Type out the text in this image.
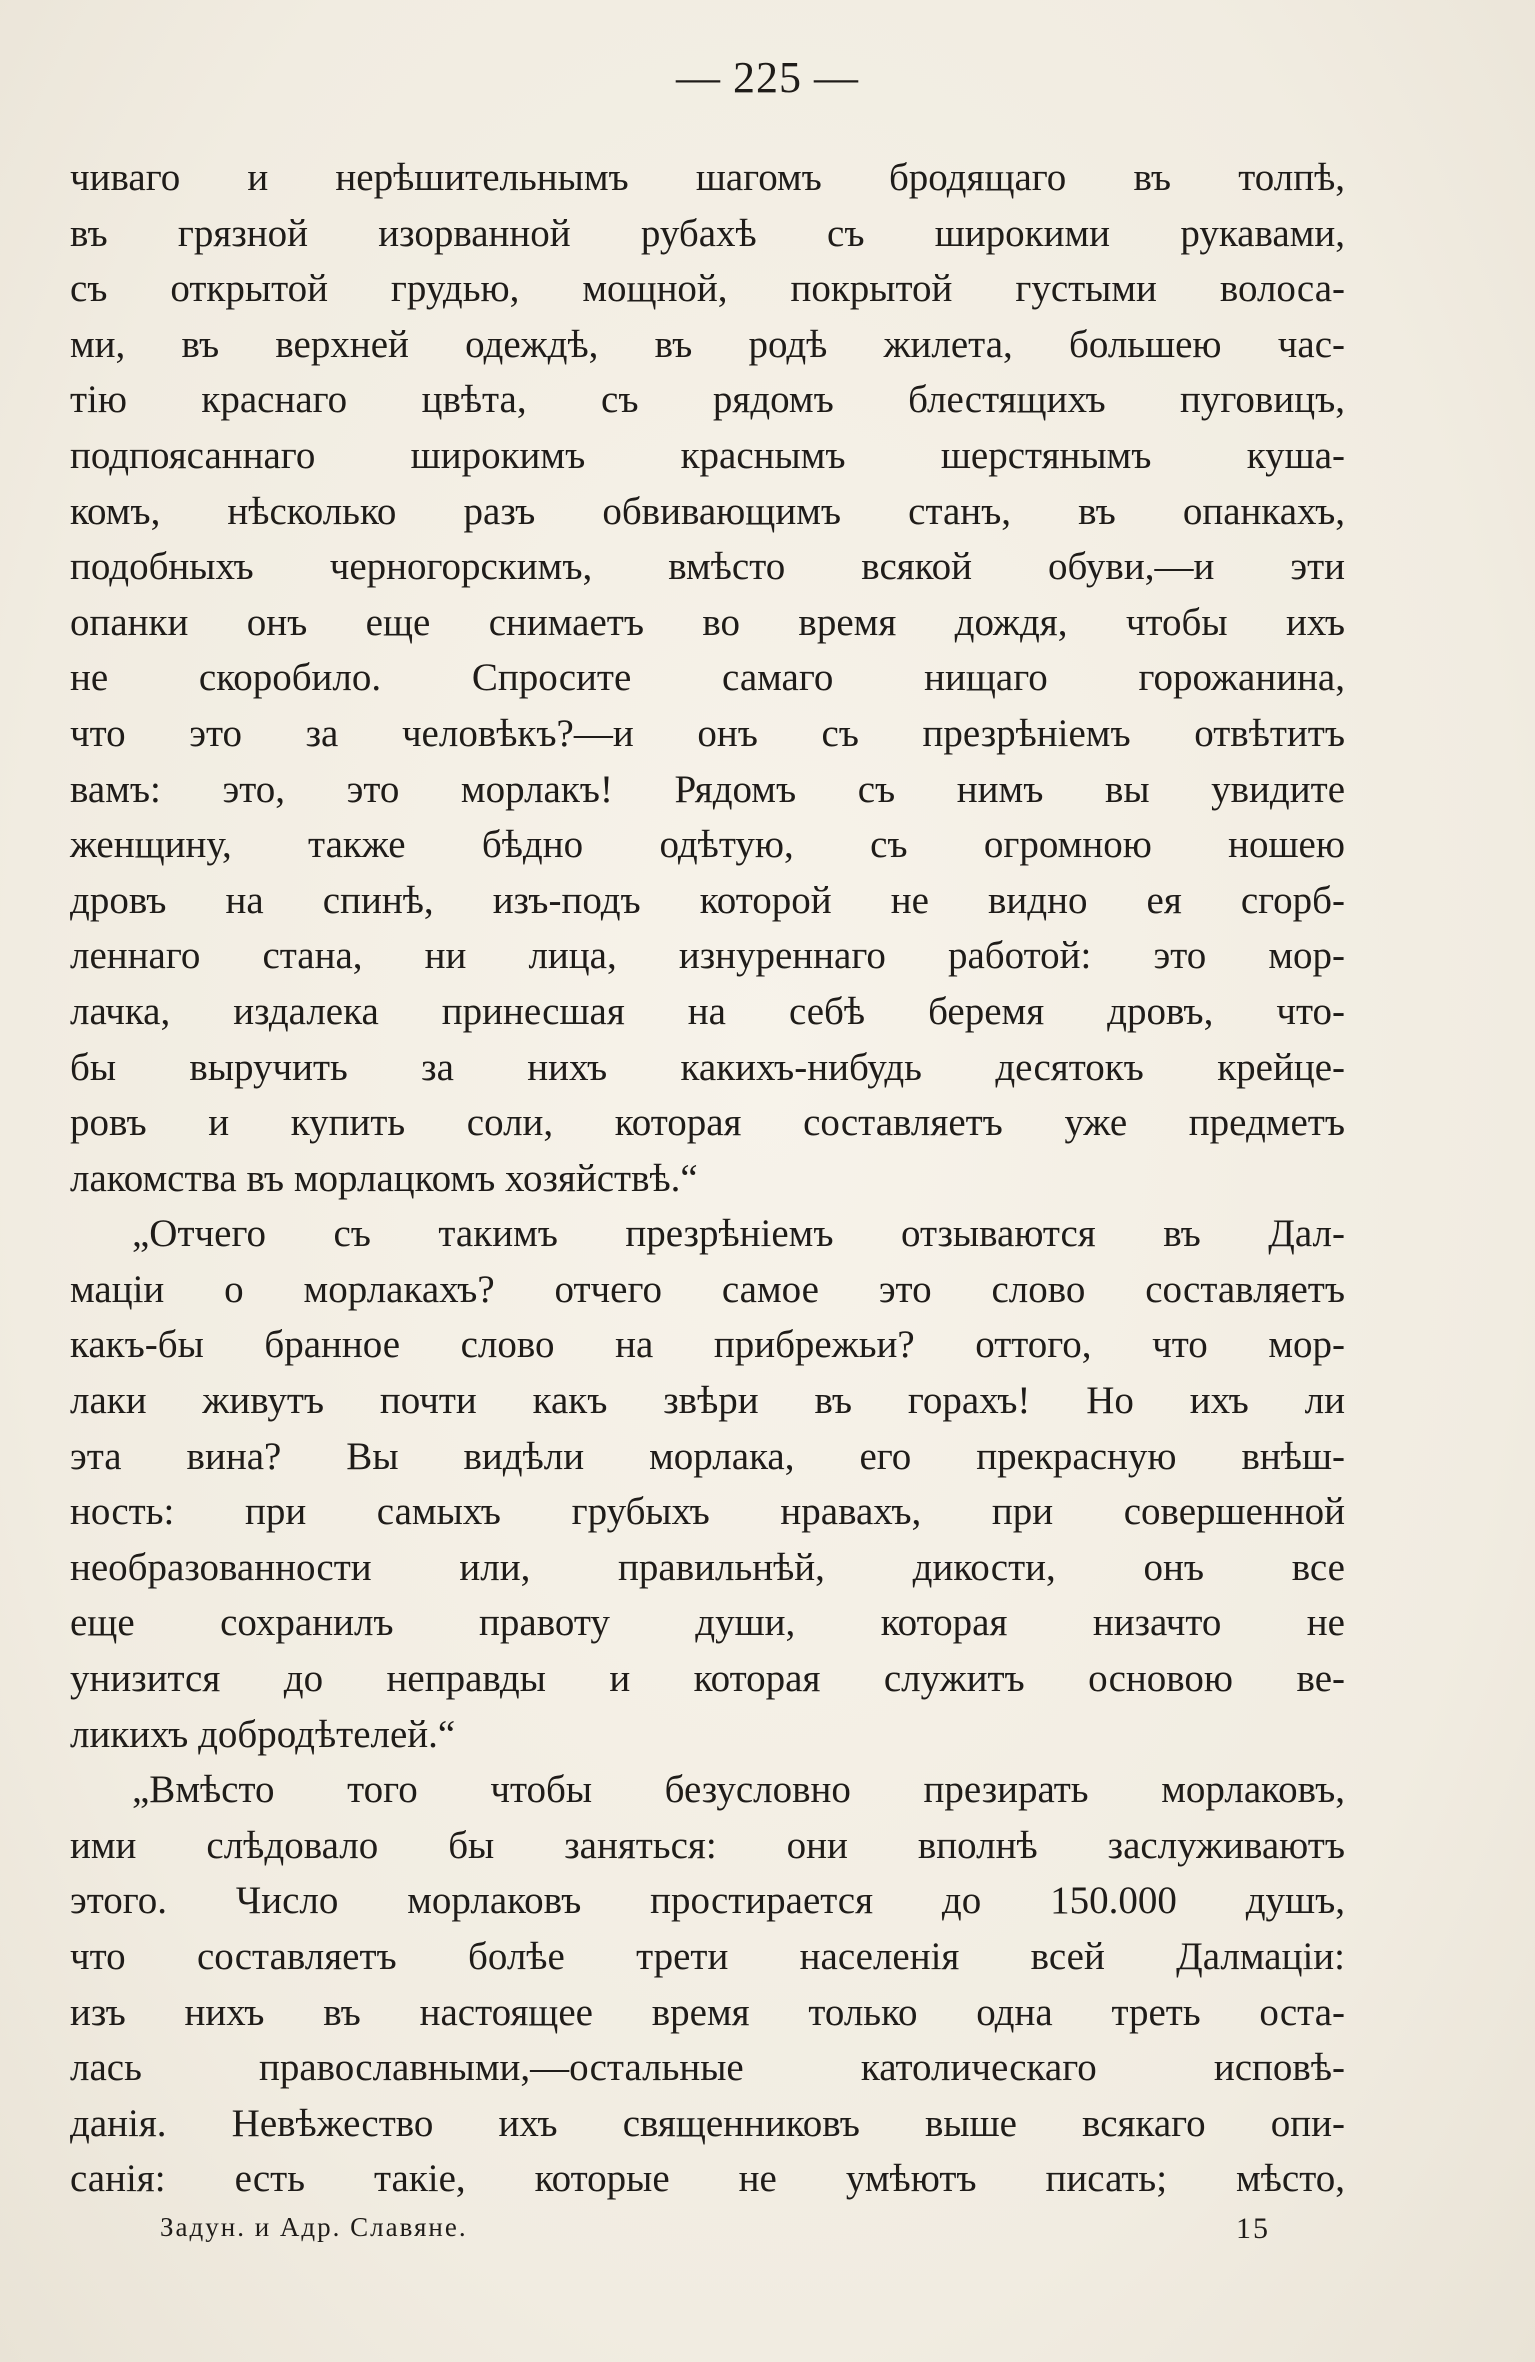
— 225 —
чиваго и нерѣшительнымъ шагомъ бродящаго въ толпѣ,
въ грязной изорванной рубахѣ съ широкими рукавами,
съ открытой грудью, мощной, покрытой густыми волоса-
ми, въ верхней одеждѣ, въ родѣ жилета, большею час-
тію краснаго цвѣта, съ рядомъ блестящихъ пуговицъ,
подпоясаннаго широкимъ краснымъ шерстянымъ куша-
комъ, нѣсколько разъ обвивающимъ станъ, въ опанкахъ,
подобныхъ черногорскимъ, вмѣсто всякой обуви,—и эти
опанки онъ еще снимаетъ во время дождя, чтобы ихъ
не скоробило. Спросите самаго нищаго горожанина,
что это за человѣкъ?—и онъ съ презрѣніемъ отвѣтитъ
вамъ: это, это морлакъ! Рядомъ съ нимъ вы увидите
женщину, также бѣдно одѣтую, съ огромною ношею
дровъ на спинѣ, изъ-подъ которой не видно ея сгорб-
леннаго стана, ни лица, изнуреннаго работой: это мор-
лачка, издалека принесшая на себѣ беремя дровъ, что-
бы выручить за нихъ какихъ-нибудь десятокъ крейце-
ровъ и купить соли, которая составляетъ уже предметъ
лакомства въ морлацкомъ хозяйствѣ.“
„Отчего съ такимъ презрѣніемъ отзываются въ Дал-
маціи о морлакахъ? отчего самое это слово составляетъ
какъ-бы бранное слово на прибрежьи? оттого, что мор-
лаки живутъ почти какъ звѣри въ горахъ! Но ихъ ли
эта вина? Вы видѣли морлака, его прекрасную внѣш-
ность: при самыхъ грубыхъ нравахъ, при совершенной
необразованности или, правильнѣй, дикости, онъ все
еще сохранилъ правоту души, которая низачто не
унизится до неправды и которая служитъ основою ве-
ликихъ добродѣтелей.“
„Вмѣсто того чтобы безусловно презирать морлаковъ,
ими слѣдовало бы заняться: они вполнѣ заслуживаютъ
этого. Число морлаковъ простирается до 150.000 душъ,
что составляетъ болѣе трети населенія всей Далмаціи:
изъ нихъ въ настоящее время только одна треть оста-
лась православными,—остальные католическаго исповѣ-
данія. Невѣжество ихъ священниковъ выше всякаго опи-
санія: есть такіе, которые не умѣютъ писать; мѣсто,
Задун. и Адр. Славяне.	15
